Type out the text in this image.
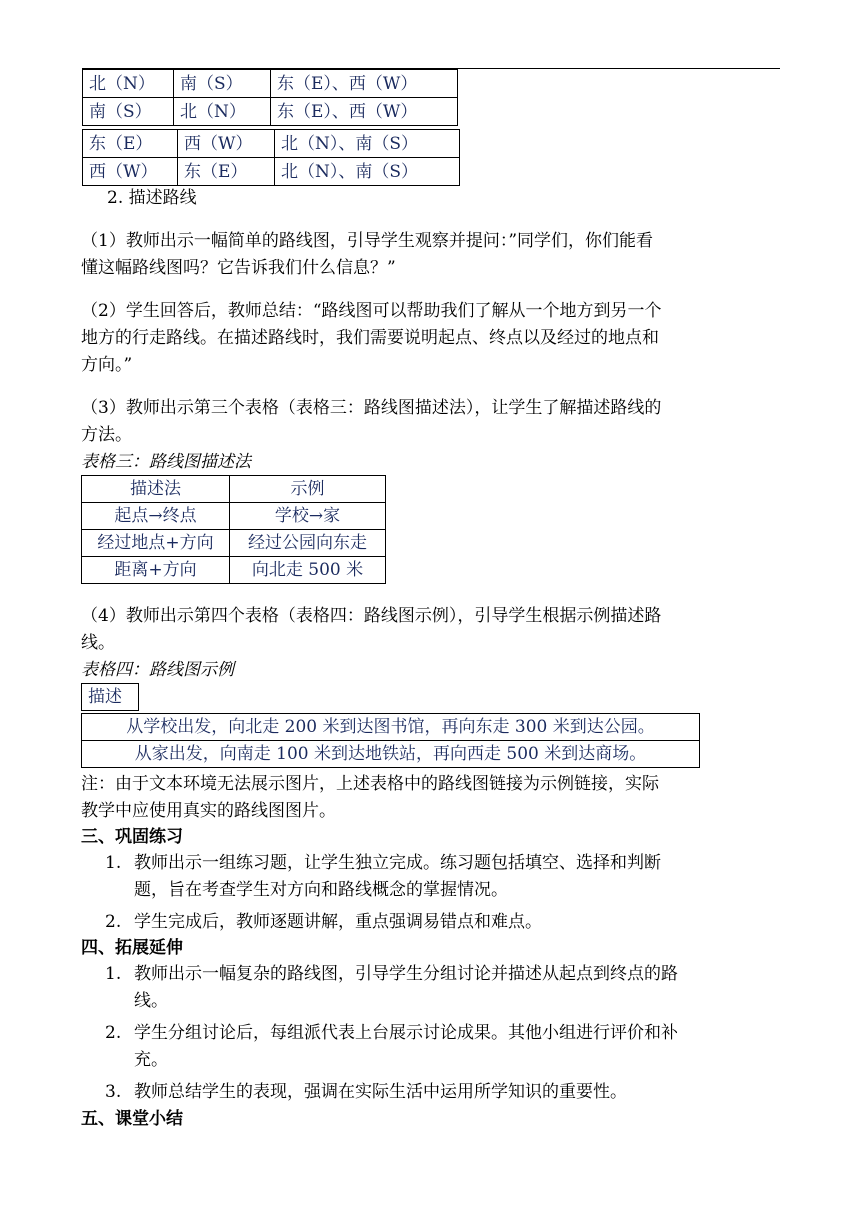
北（N）	南（S）	东（E）、西（W）
南（S）	北（N）	东（E）、西（W）
东（E）	西（W）	北（N）、南（S）
西（W）	东（E）	北（N）、南（S）
2. 描述路线
（1）教师出示一幅简单的路线图，引导学生观察并提问：”同学们，你们能看
懂这幅路线图吗？它告诉我们什么信息？”
（2）学生回答后，教师总结：“路线图可以帮助我们了解从一个地方到另一个
地方的行走路线。在描述路线时，我们需要说明起点、终点以及经过的地点和
方向。”
（3）教师出示第三个表格（表格三：路线图描述法），让学生了解描述路线的
方法。
表格三：路线图描述法
描述法	示例
起点→终点	学校→家
经过地点+方向	经过公园向东走
距离+方向	向北走 500 米
（4）教师出示第四个表格（表格四：路线图示例），引导学生根据示例描述路
线。
表格四：路线图示例
描述
从学校出发，向北走 200 米到达图书馆，再向东走 300 米到达公园。
从家出发，向南走 100 米到达地铁站，再向西走 500 米到达商场。
注：由于文本环境无法展示图片，上述表格中的路线图链接为示例链接，实际
教学中应使用真实的路线图图片。
三、巩固练习
1. 教师出示一组练习题，让学生独立完成。练习题包括填空、选择和判断
题，旨在考查学生对方向和路线概念的掌握情况。
2. 学生完成后，教师逐题讲解，重点强调易错点和难点。
四、拓展延伸
1. 教师出示一幅复杂的路线图，引导学生分组讨论并描述从起点到终点的路
线。
2. 学生分组讨论后，每组派代表上台展示讨论成果。其他小组进行评价和补
充。
3. 教师总结学生的表现，强调在实际生活中运用所学知识的重要性。
五、课堂小结
